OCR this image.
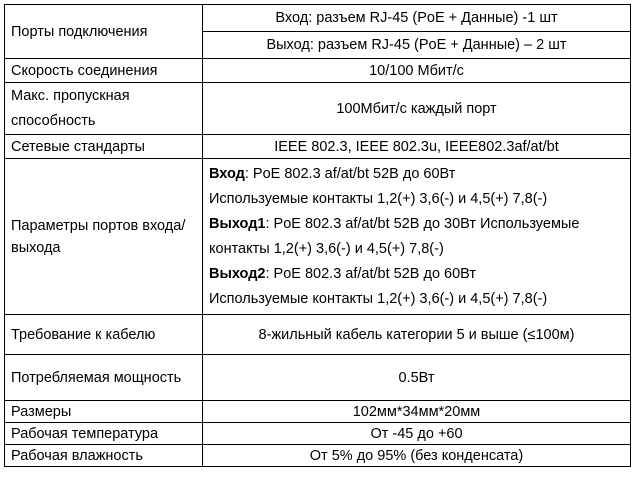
Порты подключения	Вход: разъем RJ-45 (PoE + Данные) -1 шт
	Выход: разъем RJ-45 (PoE + Данные) – 2 шт
Скорость соединения	10/100 Мбит/с
Макс. пропускная способность	100Мбит/с каждый порт
Сетевые стандарты	IEEE 802.3, IEEE 802.3u, IEEE802.3af/at/bt
Параметры портов входа/выхода	Вход: PoE 802.3 af/at/bt 52В до 60Вт
Используемые контакты 1,2(+) 3,6(-) и 4,5(+) 7,8(-)
Выход1: PoE 802.3 af/at/bt 52В до 30Вт Используемые контакты 1,2(+) 3,6(-) и 4,5(+) 7,8(-)
Выход2: PoE 802.3 af/at/bt 52В до 60Вт
Используемые контакты 1,2(+) 3,6(-) и 4,5(+) 7,8(-)

Требование к кабелю	8-жильный кабель категории 5 и выше (≤100м)
Потребляемая мощность	0.5Вт
Размеры	102мм*34мм*20мм
Рабочая температура	От -45 до +60
Рабочая влажность	От 5% до 95% (без конденсата)
